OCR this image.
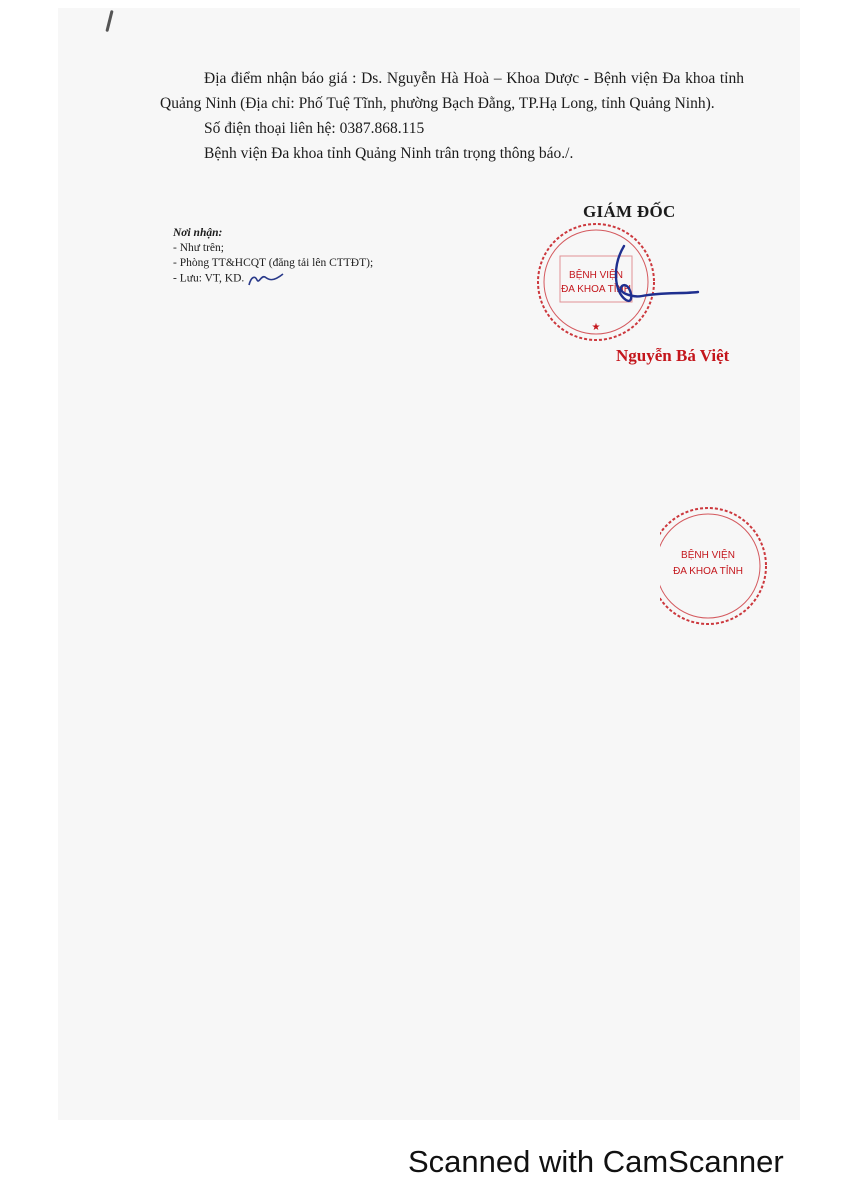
Địa điểm nhận báo giá : Ds. Nguyễn Hà Hoà – Khoa Dược - Bệnh viện Đa khoa tỉnh Quảng Ninh (Địa chỉ: Phố Tuệ Tĩnh, phường Bạch Đằng, TP.Hạ Long, tỉnh Quảng Ninh).

Số điện thoại liên hệ: 0387.868.115

Bệnh viện Đa khoa tỉnh Quảng Ninh trân trọng thông báo./.

Nơi nhận:
- Như trên;
- Phòng TT&HCQT (đăng tải lên CTTĐT);
- Lưu: VT, KD.
GIÁM ĐỐC
BỆNH VIỆN
ĐA KHOA TỈNH
★
Nguyễn Bá Việt
BỆNH VIỆN
ĐA KHOA TỈNH
Scanned with CamScanner
